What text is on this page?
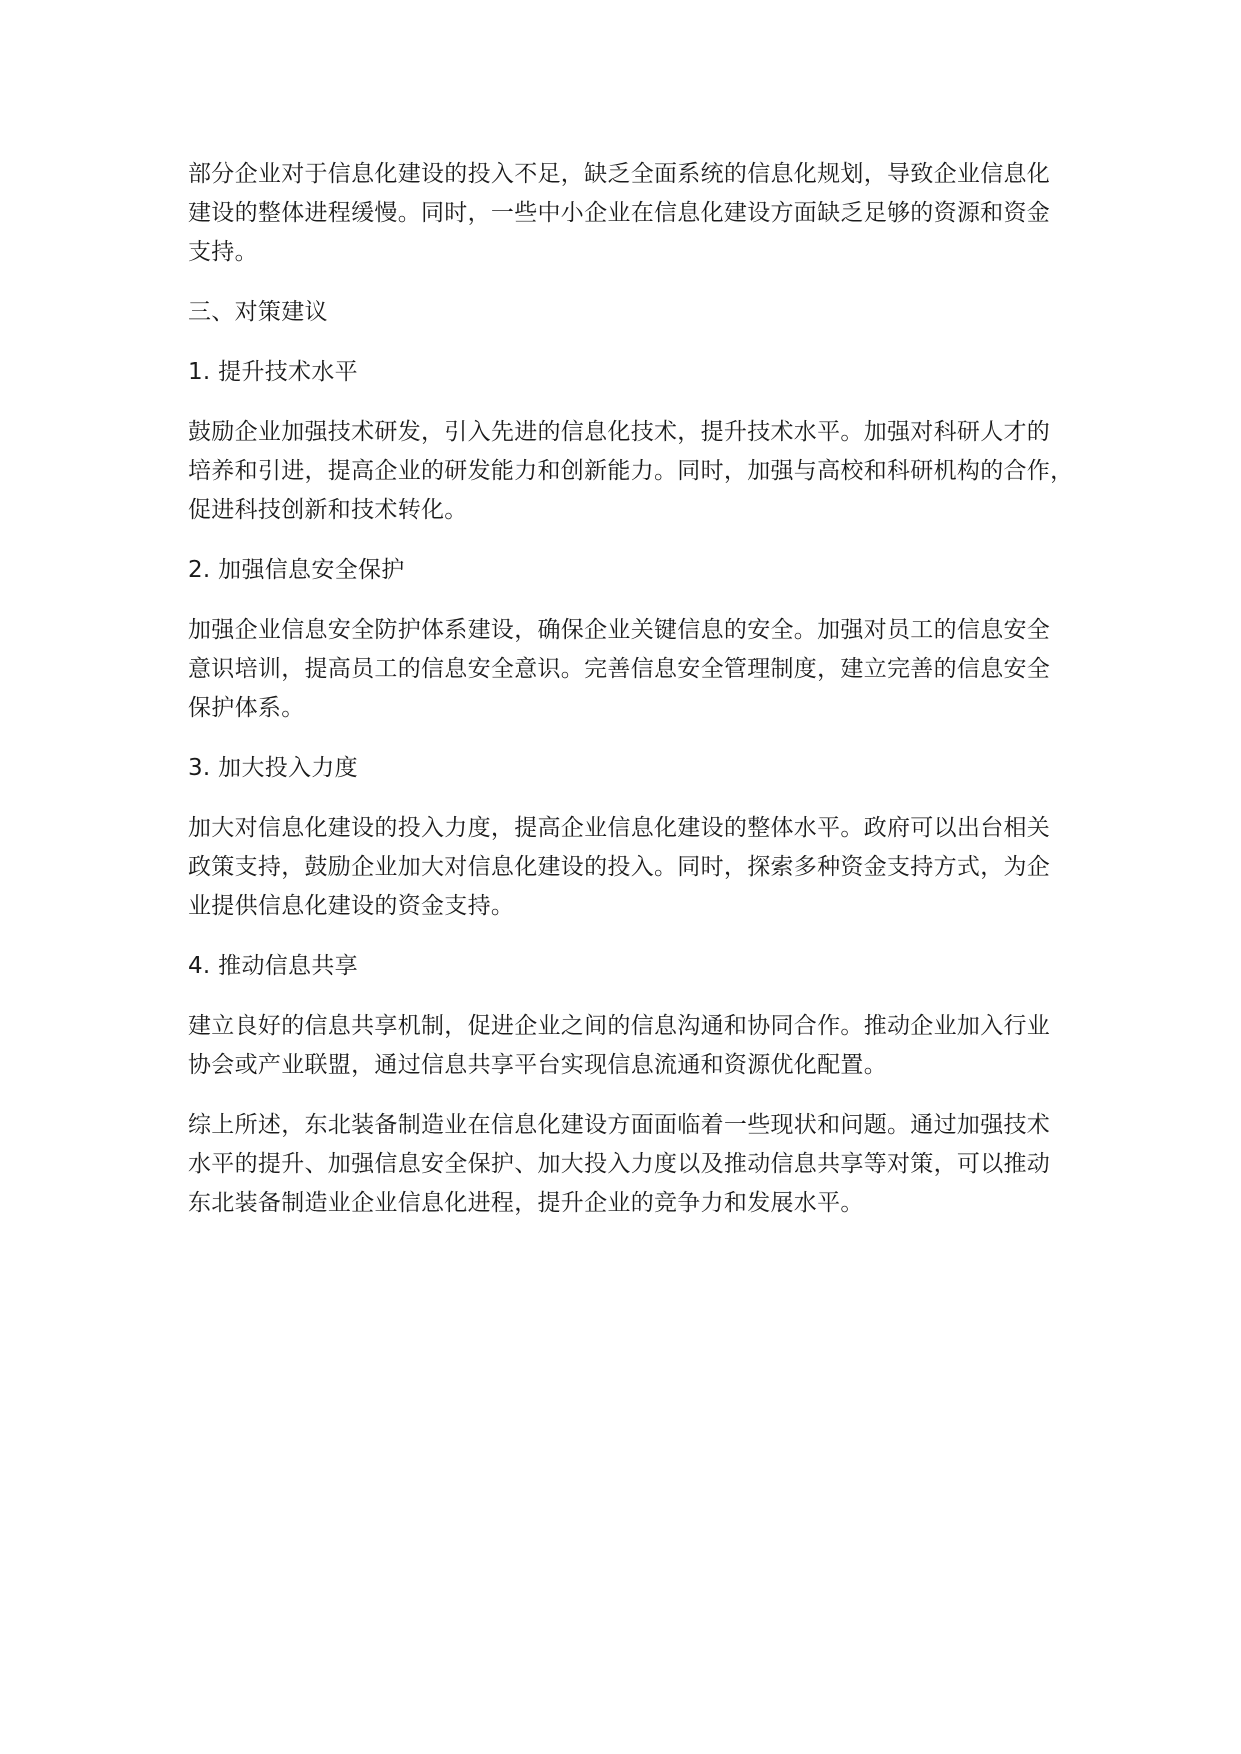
部分企业对于信息化建设的投入不足，缺乏全面系统的信息化规划，导致企业信息化
建设的整体进程缓慢。同时，一些中小企业在信息化建设方面缺乏足够的资源和资金
支持。
三、对策建议
1. 提升技术水平
鼓励企业加强技术研发，引入先进的信息化技术，提升技术水平。加强对科研人才的
培养和引进，提高企业的研发能力和创新能力。同时，加强与高校和科研机构的合作，
促进科技创新和技术转化。
2. 加强信息安全保护
加强企业信息安全防护体系建设，确保企业关键信息的安全。加强对员工的信息安全
意识培训，提高员工的信息安全意识。完善信息安全管理制度，建立完善的信息安全
保护体系。
3. 加大投入力度
加大对信息化建设的投入力度，提高企业信息化建设的整体水平。政府可以出台相关
政策支持，鼓励企业加大对信息化建设的投入。同时，探索多种资金支持方式，为企
业提供信息化建设的资金支持。
4. 推动信息共享
建立良好的信息共享机制，促进企业之间的信息沟通和协同合作。推动企业加入行业
协会或产业联盟，通过信息共享平台实现信息流通和资源优化配置。
综上所述，东北装备制造业在信息化建设方面面临着一些现状和问题。通过加强技术
水平的提升、加强信息安全保护、加大投入力度以及推动信息共享等对策，可以推动
东北装备制造业企业信息化进程，提升企业的竞争力和发展水平。
